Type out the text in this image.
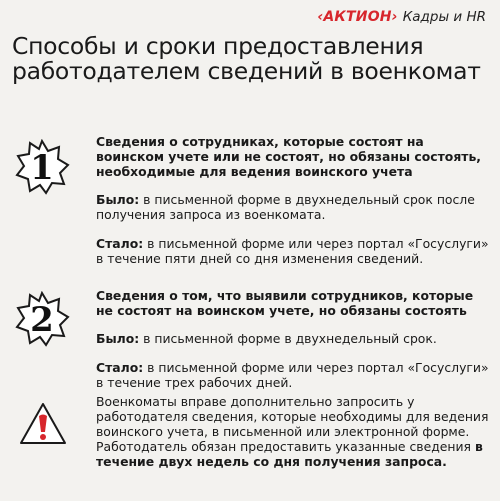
‹АКТИОН› Кадры и HR
Способы и сроки предоставления работодателем сведений в военкомат
1
Сведения о сотрудниках, которые состоят на воинском учете или не состоят, но обязаны состоять, необходимые для ведения воинского учета
Было: в письменной форме в двухнедельный срок после получения запроса из военкомата.
Стало: в письменной форме или через портал «Госуслуги» в течение пяти дней со дня изменения сведений.
2
Сведения о том, что выявили сотрудников, которые не состоят на воинском учете, но обязаны состоять
Было: в письменной форме в двухнедельный срок.
Стало: в письменной форме или через портал «Госуслуги» в течение трех рабочих дней.
Военкоматы вправе дополнительно запросить у работодателя сведения, которые необходимы для ведения воинского учета, в письменной или электронной форме. Работодатель обязан предоставить указанные сведения в течение двух недель со дня получения запроса.
